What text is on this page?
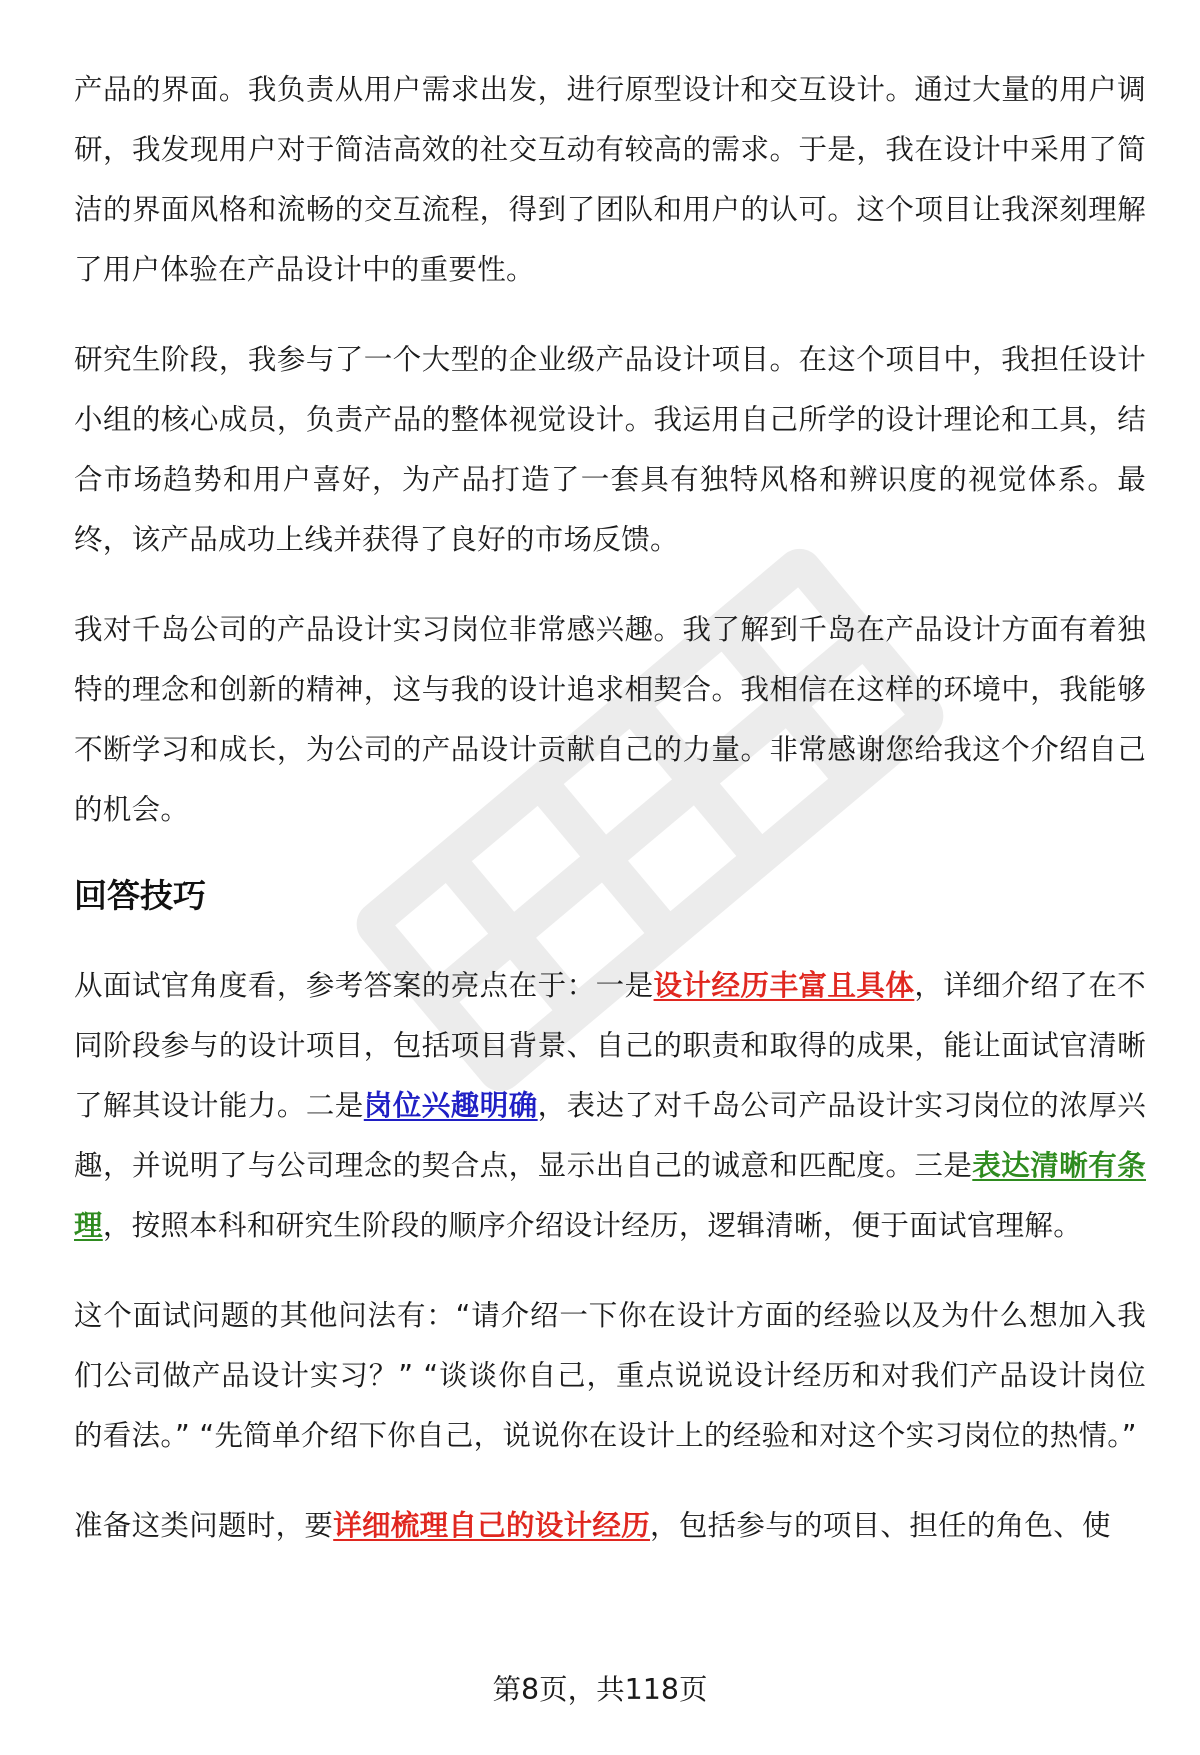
产品的界面。我负责从用户需求出发，进行原型设计和交互设计。通过大量的用户调研，我发现用户对于简洁高效的社交互动有较高的需求。于是，我在设计中采用了简洁的界面风格和流畅的交互流程，得到了团队和用户的认可。这个项目让我深刻理解了用户体验在产品设计中的重要性。

研究生阶段，我参与了一个大型的企业级产品设计项目。在这个项目中，我担任设计小组的核心成员，负责产品的整体视觉设计。我运用自己所学的设计理论和工具，结合市场趋势和用户喜好，为产品打造了一套具有独特风格和辨识度的视觉体系。最终，该产品成功上线并获得了良好的市场反馈。

我对千岛公司的产品设计实习岗位非常感兴趣。我了解到千岛在产品设计方面有着独特的理念和创新的精神，这与我的设计追求相契合。我相信在这样的环境中，我能够不断学习和成长，为公司的产品设计贡献自己的力量。非常感谢您给我这个介绍自己的机会。

回答技巧

从面试官角度看，参考答案的亮点在于：一是设计经历丰富且具体，详细介绍了在不同阶段参与的设计项目，包括项目背景、自己的职责和取得的成果，能让面试官清晰了解其设计能力。二是岗位兴趣明确，表达了对千岛公司产品设计实习岗位的浓厚兴趣，并说明了与公司理念的契合点，显示出自己的诚意和匹配度。三是表达清晰有条理，按照本科和研究生阶段的顺序介绍设计经历，逻辑清晰，便于面试官理解。

这个面试问题的其他问法有：“请介绍一下你在设计方面的经验以及为什么想加入我们公司做产品设计实习？” “谈谈你自己，重点说说设计经历和对我们产品设计岗位的看法。” “先简单介绍下你自己，说说你在设计上的经验和对这个实习岗位的热情。”

准备这类问题时，要详细梳理自己的设计经历，包括参与的项目、担任的角色、使

第8页，共118页
